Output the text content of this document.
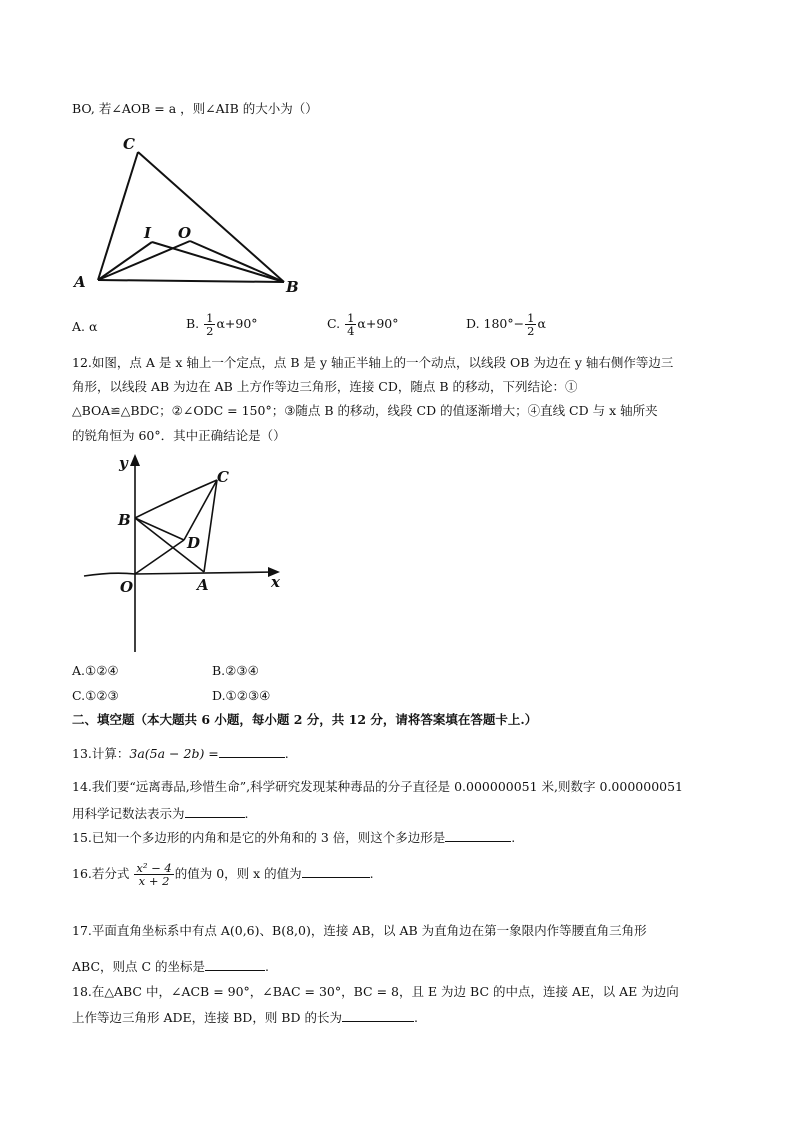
BO, 若∠AOB = a ，则∠AIB 的大小为（）
C
I O
A	B
A. α	B. $\frac{1}{2} \alpha+90^\circ$	C. $\frac{1}{4} \alpha+90^\circ$	D. $180^\circ- \frac{1}{2}$ α
12.如图，点 A 是 x 轴上一个定点，点 B 是 y 轴正半轴上的一个动点，以线段 OB 为边在 y 轴右侧作等边三
角形，以线段 AB 为边在 AB 上方作等边三角形，连接 CD，随点 B 的移动，下列结论：①
△BOA≌△BDC；②∠ODC = 150°；③随点 B 的移动，线段 CD 的值逐渐增大；④直线 CD 与 x 轴所夹
的锐角恒为 60°．其中正确结论是（）
y
C
B
D
O	A	x
A.①②④	B.②③④
C.①②③	D.①②③④
二、填空题（本大题共 6 小题，每小题 2 分，共 12 分，请将答案填在答题卡上.）
13.计算：3a(5a − 2b) =	.
14.我们要“远离毒品,珍惜生命”,科学研究发现某种毒品的分子直径是 0.000000051 米,则数字 0.000000051
用科学记数法表示为	.
15.已知一个多边形的内角和是它的外角和的 3 倍，则这个多边形是	.
16.若分式 $\frac{\text{x² − 4}}{x + 2}$ 的值为 0，则 x 的值为	.
17.平面直角坐标系中有点 A(0,6)、B(8,0)，连接 AB，以 AB 为直角边在第一象限内作等腰直角三角形
ABC，则点 C 的坐标是	.
18.在△ABC 中，∠ACB = 90°，∠BAC = 30°，BC = 8，且 E 为边 BC 的中点，连接 AE，以 AE 为边向
上作等边三角形 ADE，连接 BD，则 BD 的长为	.
